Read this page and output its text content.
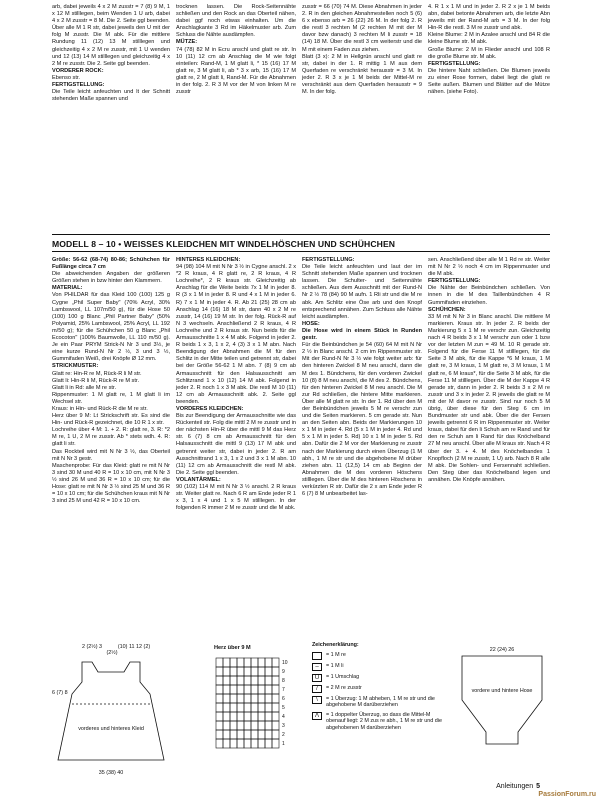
arb, dabei jeweils 4 x 2 M zusstr = 7 (8) 9 M, 1 x 12 M stilllegen, beim Wenden 1 U arb, dabei 4 x 2 M zusstr = 8 M. Die 2. Seite ggl beenden. Über alle M 1 R str, dabei jeweils den U mit der folg M zusstr. Die M abk. Für die mittlere Rundung 11 (12) 13 M stilllegen und gleichzeitig 4 x 2 M re zusstr, mit 1 U wenden und 12 (13) 14 M stilllegen und gleichzeitig 4 x 2 M re zusstr. Die 2. Seite ggl beenden.

VORDERER ROCK:

Ebenso str.

FERTIGSTELLUNG:

Die Teile leicht anfeuchten und lt der Schnitt stehenden Maße spannen und

trocknen lassen. Die Rock-Seitennähte schließen und den Rock an das Oberteil nähen, dabei ggf noch etwas einhalten. Um die Anschlagkante 3 Rd im Häkelmuster arb. Zum Schluss die Nähte ausdämpfen.

MÜTZE:

74 (78) 82 M in Ecru anschl und glatt re str. In 10 (11) 12 cm ab Anschlag die M wie folgt einteilen: Rand-M, 1 M glatt li, * 15 (16) 17 M glatt re, 3 M glatt li, ab * 3 x arb, 15 (16) 17 M glatt re, 2 M glatt li, Rand-M. Für die Abnahmen in der folg. 2. R 3 M vor der M von linken M re zusstr

zusstr = 66 (70) 74 M. Diese Abnahmen in jeder 2. R in den gleichen Abnahmestellen noch 5 (6) 6 x ebenso arb = 26 (22) 26 M. In der folg 2. R die restl 3 rechten M (2 rechten M mit der M davor bzw danach) 3 rechten M li zusstr = 18 (14) 18 M. Über die restl 3 cm weiterstr und die M mit einem Faden zus ziehen.

Blatt (3 x): 2 M in Hellgrün anschl und glatt re str, dabei in der 1. R mittig 1 M aus dem Querfaden re verschränkt herausstr = 3 M. In jeder 2. R 3 x je 1 M beids der Mittel-M re verschränkt aus dem Querfaden herausstr = 9 M. In der folg.

4. R 1 x 1 M und in jeder 2. R 2 x je 1 M beids abn, dabei betonte Abnahmen arb, die letzte Abn jeweils mit der Rand-M arb = 3 M. In der folg Hin-R die restl. 3 M re zusstr und abk.

Kleine Blume: 2 M in Azalee anschl und 84 R die kleine Blume str. M abk.

Große Blume: 2 M in Flieder anschl und 108 R die große Blume str. M abk.

FERTIGSTELLUNG:

Die hintere Naht schließen. Die Blumen jeweils zu einer Rose formen, dabei liegt die glatt re Seite außen. Blumen und Blätter auf die Mütze nähen. (siehe Foto).

MODELL 8 – 10 • WEISSES KLEIDCHEN MIT WINDELHÖSCHEN UND SCHÜHCHEN

Größe: 56-62 (68-74) 80-86; Schühchen für Fußlänge circa 7 cm

Die abweichenden Angaben der größeren Größen stehen in bzw hinter den Klammern.

MATERIAL:

Von PHILDAR für das Kleid 100 (100) 125 g Cygne „Phil Super Baby" (70% Acryl, 30% Lambswool, LL 107m/50 g), für die Hose 50 (100) 100 g Blanc „Phil Partner Baby" (50% Polyamid, 25% Lambswool, 25% Acryl, LL 192 m/50 g); für die Schühchen 50 g Blanc „Phil Ecocoton" (100% Baumwolle, LL 110 m/50 g). Je ein Paar PRYM Strick-N Nr 3 und 3½, je eine kurze Rund-N Nr 2 ½, 3 und 3 ½, Gummifaden Weiß, drei Knöpfe Ø 12 mm.

STRICKMUSTER:

Glatt re: Hin-R re M, Rück-R li M str.

Glatt li: Hin-R li M, Rück-R re M str.

Glatt li in Rd: alle M re str.

Rippenmuster: 1 M glatt re, 1 M glatt li im Wechsel str.

Kraus: in Hin- und Rück-R die M re str.

Herz über 9 M: Lt Strickschrift str. Es sind die Hin- und Rück-R gezeichnet, die 10 R 1 x str.

Lochreihe über 4 M: 1. + 2. R: glatt re, 3. R: *2 M re, 1 U, 2 M re zusstr. Ab * stets wdh. 4. R: glatt li str.

Das Rockteil wird mit N Nr 3 ½, das Oberteil mit N Nr 3 gestr.

Maschenprobe: Für das Kleid: glatt re mit N Nr 3 sind 30 M und 40 R = 10 x 10 cm, mit N Nr 3 ½ sind 26 M und 36 R = 10 x 10 cm; für die Hose: glatt re mit N Nr 3 ½ sind 25 M und 36 R = 10 x 10 cm; für die Schühchen kraus mit N Nr 3 sind 25 M und 42 R = 10 x 10 cm.

HINTERES KLEIDCHEN:

94 (98) 104 M mit N Nr 3 ½ in Cygne anschl. 2 x *2 R kraus, 4 R glatt re, 2 R kraus, 4 R Lochreihe*, 2 R kraus str. Gleichzeitig ab Anschlag für die Weite beids 7x 1 M in jeder 8. R (3 x 1 M in jeder 8. R und 4 x 1 M in jeder 6. R) 7 x 1 M in jeder 4. R. Ab 21 (25) 28 cm ab Anschlag 14 (16) 18 M str, dann 40 x 2 M re zusstr, 14 (16) 19 M str. In der folg. Rück-R auf N 3 wechseln. Anschließend 2 R kraus, 4 R Lochreihe und 2 R kraus str. Nun beids für die Armausschnitte 1 x 4 M abk. Folgend in jeder 2. R beids 1 x 3, 1 x 2, 4 (3) 3 x 1 M abn. Nach Beendigung der Abnahmen die M für den Schlitz in der Mitte teilen und getrennt str, dabei bei der Größe 56-62 1 M abn. 7 (8) 9 cm ab Armausschnitt für den Halsausschnitt am Schlitzrand 1 x 10 (12) 14 M abk. Folgend in jeder 2. R noch 1 x 3 M abk. Die restl M 10 (11) 12 cm ab Armausschnitt abk. 2. Seite ggl beenden.

VORDERES KLEIDCHEN:

Bis zur Beendigung der Armausschnitte wie das Rückenteil str. Folg die mittl 2 M re zusstr und in der nächsten Hin-R über die mittl 9 M das Herz str. 6 (7) 8 cm ab Armausschnitt für den Halsausschnitt die mittl 9 (13) 17 M abk und getrennt weiter str, dabei in jeder 2. R am Ausschnittrand 1 x 3, 1 x 2 und 3 x 1 M abn. 10 (11) 12 cm ab Armausschnitt die restl M abk. Die 2. Seite ggl beenden.

VOLANTÄRMEL:

90 (102) 114 M mit N Nr 3 ½ anschl. 2 R kraus str. Weiter glatt re. Nach 6 R am Ende jeder R 1 x 3, 1 x 4 und 1 x 5 M stilllegen. In der folgenden R immer 2 M re zusstr und die M abk.

FERTIGSTELLUNG:

Die Teile leicht anfeuchten und laut der im Schnitt stehenden Maße spannen und trocknen lassen. Die Schulter- und Seitennähte schließen. Aus dem Ausschnitt mit der Rund-N Nr 2 ½ 78 (84) 90 M aufn. 1 Rli str und die M re abk. Am Schlitz eine Öse arb und den Knopf entsprechend annähen. Zum Schluss alle Nähte leicht ausdämpfen.

HOSE:

Die Hose wird in einem Stück in Runden gestr.

Für die Beinbündchen je 54 (60) 64 M mit N Nr 2 ½ in Blanc anschl. 2 cm im Rippenmuster str. Mit der Rund-N Nr 3 ½ wie folgt weiter arb: für den hinteren Zwickel 8 M neu anschl, dann die M des 1. Bündchens, für den vorderen Zwickel 10 (8) 8 M neu anschl, die M des 2. Bündchens, für den hinteren Zwickel 8 M neu anschl. Die M zur Rd schließen, die hintere Mitte markieren. Über alle M glatt re str. In der 1. Rd über den M der Beinbündchen jeweils 5 M re verschr zun und die Seiten markieren. 5 cm gerade str. Nun an den Seiten abn. Beids der Markierungen 10 x 1 M in jeder 4. Rd (5 x 1 M in jeder 4. Rd und 5 x 1 M in jeder 5. Rd) 10 x 1 M in jeder 5. Rd abn. Dafür die 2 M vor der Markierung re zusstr nach der Markierung durch einen Überzug (1 M abh., 1 M re str und die abgehobene M drüber ziehen abn. 11 (12,5) 14 cm ab Beginn der Abnahmen die M des vorderen Höschens stilllegen. Über die M des hinteren Höschens in verkürzten R str. Dafür die 2 x am Ende jeder R 6 (7) 8 M unbearbeitet las-

sen. Anschließend über alle M 1 Rd re str. Weiter mit N Nr 2 ½ noch 4 cm im Rippenmuster und die M abk.

FERTIGSTELLUNG:

Die Nähte der Beinbündchen schließen. Von innen in die M des Taillenbündchen 4 R Gummifaden einziehen.

SCHÜHCHEN:

33 M mit N Nr 3 in Blanc anschl. Die mittlere M markieren. Kraus str. In jeder 2. R beids der Markierung 5 x 1 M re verschr zun. Gleichzeitig nach 4 R beids 3 x 1 M verschr zun oder 1 bzw vor der letzten M zun = 49 M. 10 R gerade str. Folgend für die Ferse 11 M stilllegen, für die Seite 3 M abk, für die Kappe *6 M kraus, 1 M glatt re, 3 M kraus, 1 M glatt re, 3 M kraus, 1 M glatt re, 6 M kraus*, für die Seite 3 M abk, für die Ferse 11 M stilllegen. Über die M der Kappe 4 R gerade str, dann in jeder 2. R beids 3 x 2 M re zusstr und 3 x in jeder 2. R jeweils die glatt re M mit der M davor re zusstr. Sind nur noch 5 M übrig, über diese für den Steg 6 cm im Bundmuster str und abk. Über die der Fersen jeweils getrennt 6 R im Rippenmuster str. Weiter kraus, dabei für den li Schuh am re Rand und für den re Schuh am li Rand für das Knöchelband 27 M neu anschl. Über alle M kraus str. Nach 4 R über der 3. + 4. M des Knöchelbandes 1 Knopfloch (2 M re zusstr, 1 U) arb. Nach 8 R alle M abk. Die Sohlen- und Fersennaht schließen. Den Steg über das Knöchelband legen und annähen. Die Knöpfe annähen.

2 (2½) 3
(2½)
(10) 11 12 (2)
6 (7) 8
vorderes und hinteres Kleid
35 (38) 40
Herz über 9 M
10
9
8
7
6
5
4
3
2
1
Zeichenerklärung:
= 1 M re
–	= 1 M li
U	= 1 Umschlag
/	= 2 M re zusstr
\	= 1 Überzug: 1 M abheben, 1 M re str und die abgehobene M darüberziehen
Λ	= 1 doppelter Überzug, so dass die Mittel-M obenauf liegt: 2 M zus re abh., 1 M re str und die abgehobenen M darüberziehen
22 (24) 26
vordere und hintere Hose
Anleitungen 5
PassionForum.ru
